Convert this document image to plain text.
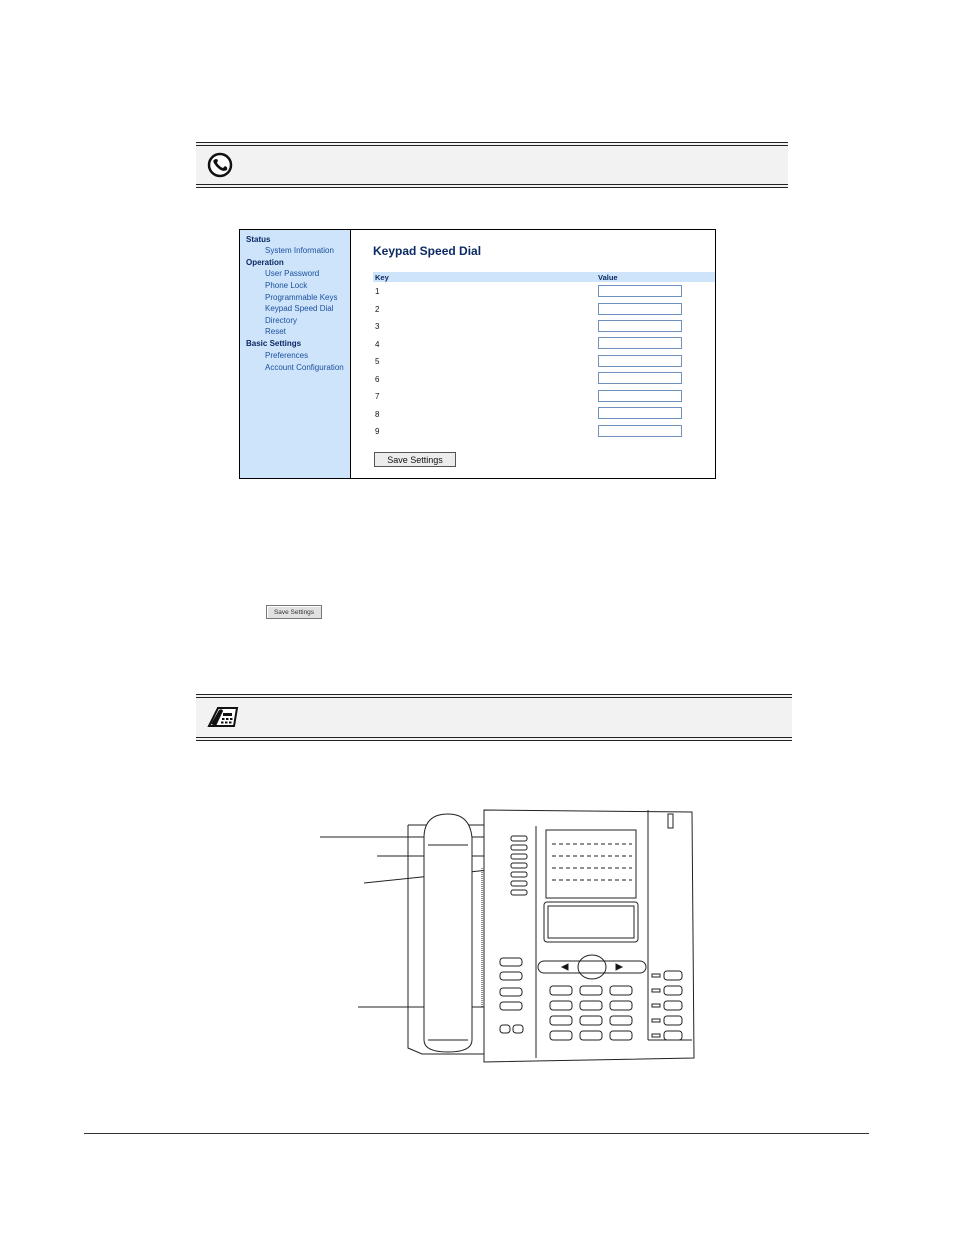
Status
System Information
Operation
User Password
Phone Lock
Programmable Keys
Keypad Speed Dial
Directory
Reset
Basic Settings
Preferences
Account Configuration
Keypad Speed Dial
Key	Value
1
2
3
4
5
6
7
8
9
Save Settings
Save Settings
